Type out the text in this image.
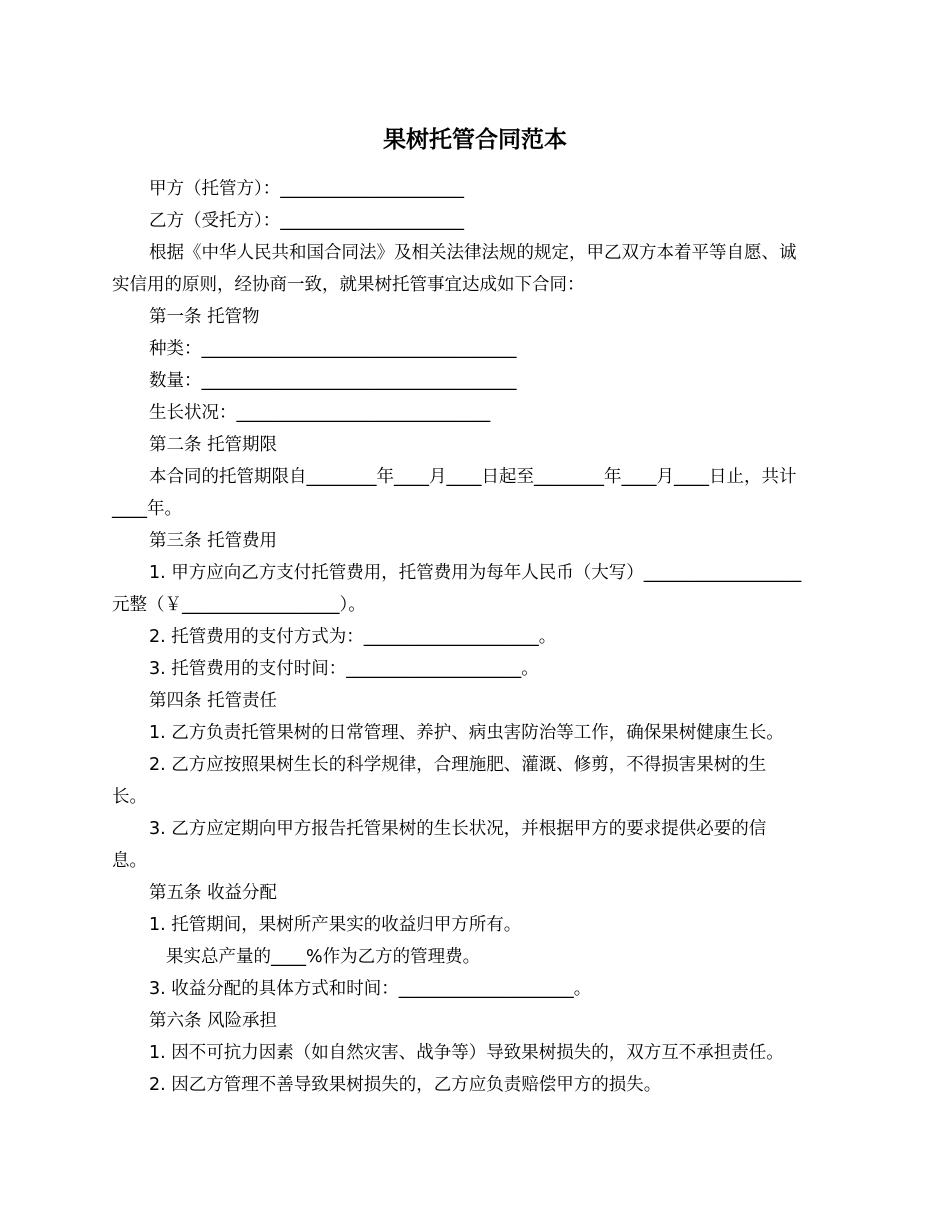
果树托管合同范本

甲方（托管方）：_____________________

乙方（受托方）：_____________________

根据《中华人民共和国合同法》及相关法律法规的规定，甲乙双方本着平等自愿、诚

实信用的原则，经协商一致，就果树托管事宜达成如下合同：

第一条 托管物

种类：____________________________________

数量：____________________________________

生长状况：_____________________________

第二条 托管期限

本合同的托管期限自________年____月____日起至________年____月____日止，共计

____年。

第三条 托管费用

1. 甲方应向乙方支付托管费用，托管费用为每年人民币（大写）__________________

元整（￥__________________）。

2. 托管费用的支付方式为：____________________。

3. 托管费用的支付时间：____________________。

第四条 托管责任

1. 乙方负责托管果树的日常管理、养护、病虫害防治等工作，确保果树健康生长。

2. 乙方应按照果树生长的科学规律，合理施肥、灌溉、修剪，不得损害果树的生

长。

3. 乙方应定期向甲方报告托管果树的生长状况，并根据甲方的要求提供必要的信

息。

第五条 收益分配

1. 托管期间，果树所产果实的收益归甲方所有。

果实总产量的____%作为乙方的管理费。

3. 收益分配的具体方式和时间：____________________。

第六条 风险承担

1. 因不可抗力因素（如自然灾害、战争等）导致果树损失的，双方互不承担责任。

2. 因乙方管理不善导致果树损失的，乙方应负责赔偿甲方的损失。
